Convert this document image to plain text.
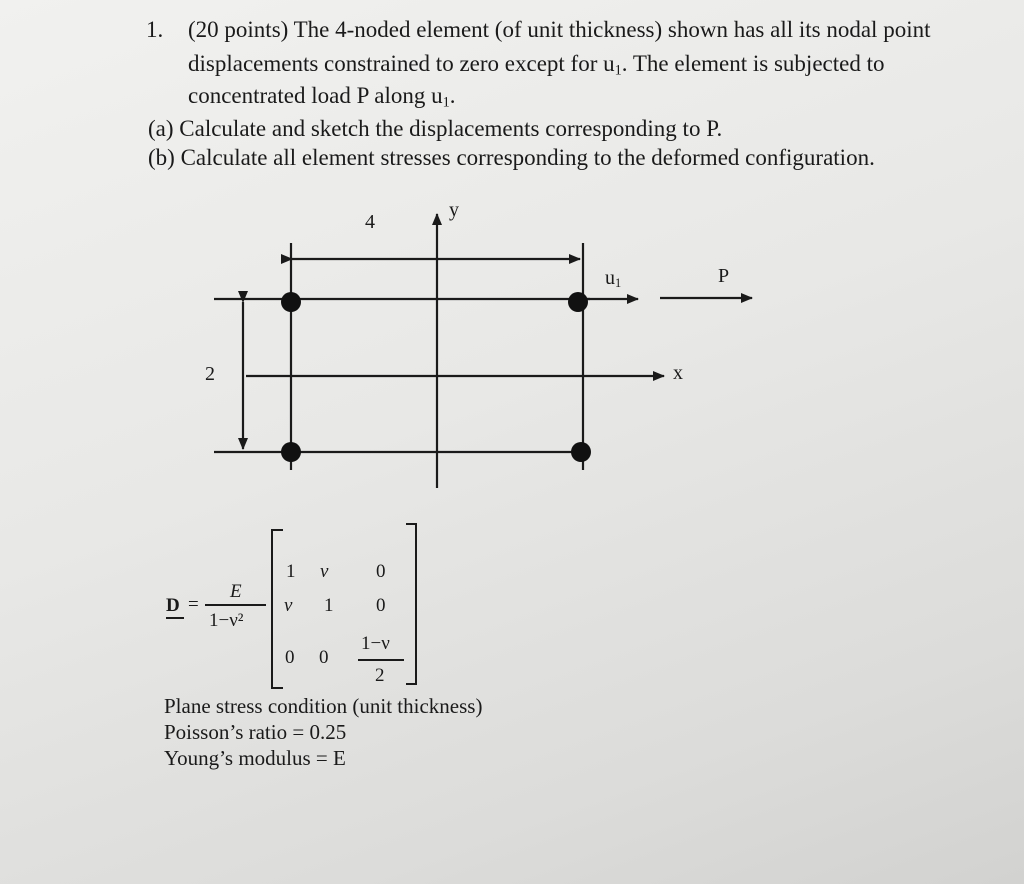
1. (20 points) The 4-noded element (of unit thickness) shown has all its nodal point
displacements constrained to zero except for $u_1$. The element is subjected to
concentrated load P along $u_1$.
(a) Calculate and sketch the displacements corresponding to P.
(b) Calculate all element stresses corresponding to the deformed configuration.
4
y
2	x
$u_1$	P
D =
E
1−ν²
1 ν	0
ν 1 0
0 0
1−ν
2
Plane stress condition (unit thickness)
Poisson’s ratio = 0.25
Young’s modulus = E
